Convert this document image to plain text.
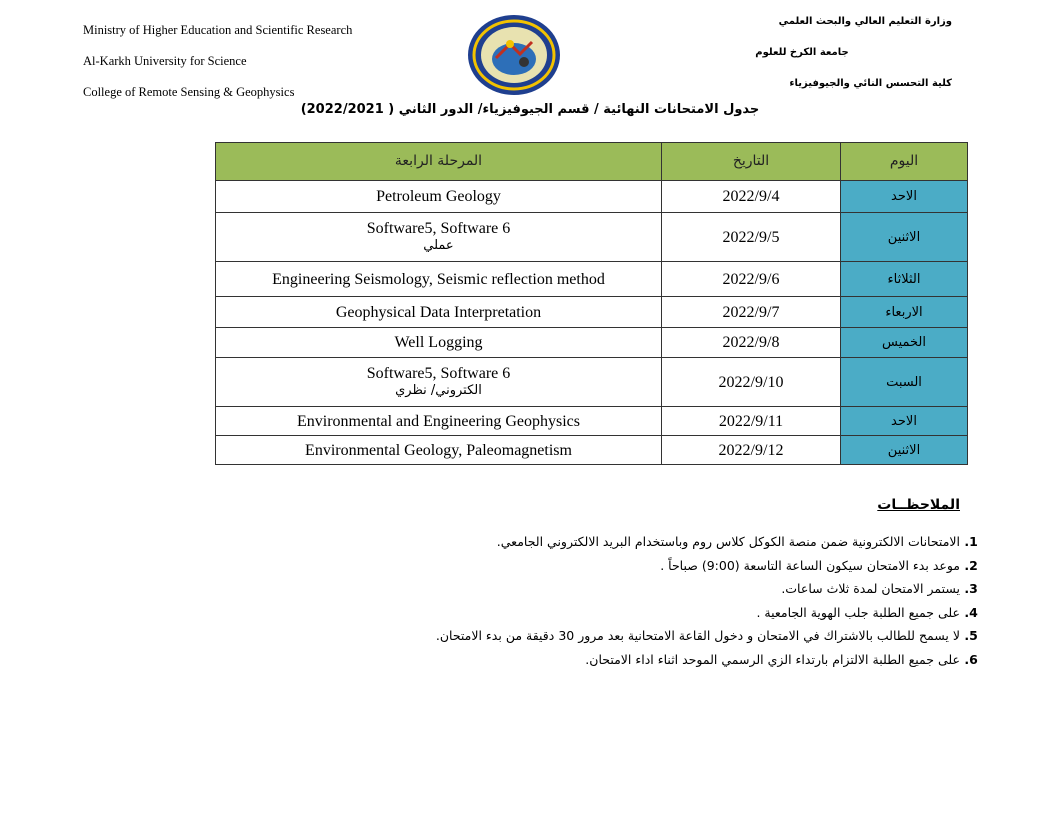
Ministry of Higher Education and Scientific Research
Al-Karkh University for Science
College of Remote Sensing & Geophysics
وزارة التعليم العالي والبحث العلمي
جامعة الكرخ للعلوم
كلية التحسس النائي والجيوفيزياء
جدول الامتحانات النهائية / قسم الجيوفيزياء/ الدور الثاني ( 2022/2021)
المرحلة الرابعة	التاريخ	اليوم

Petroleum Geology	2022/9/4	الاحد

Software5, Software 6
عملي	2022/9/5	الاثنين

Engineering Seismology, Seismic reflection method	2022/9/6	الثلاثاء

Geophysical Data Interpretation	2022/9/7	الاربعاء

Well Logging	2022/9/8	الخميس

Software5, Software 6
الكتروني/ نظري	2022/9/10	السبت

Environmental and Engineering Geophysics	2022/9/11	الاحد

Environmental Geology, Paleomagnetism	2022/9/12	الاثنين
الملاحظــات
1. الامتحانات الالكترونية ضمن منصة الكوكل كلاس روم وباستخدام البريد الالكتروني الجامعي.
2. موعد بدء الامتحان سيكون الساعة التاسعة (9:00) صباحاً .
3. يستمر الامتحان لمدة ثلاث ساعات.
4. على جميع الطلبة جلب الهوية الجامعية .
5. لا يسمح للطالب بالاشتراك في الامتحان و دخول القاعة الامتحانية بعد مرور 30 دقيقة من بدء الامتحان.
6. على جميع الطلبة الالتزام بارتداء الزي الرسمي الموحد اثناء اداء الامتحان.
